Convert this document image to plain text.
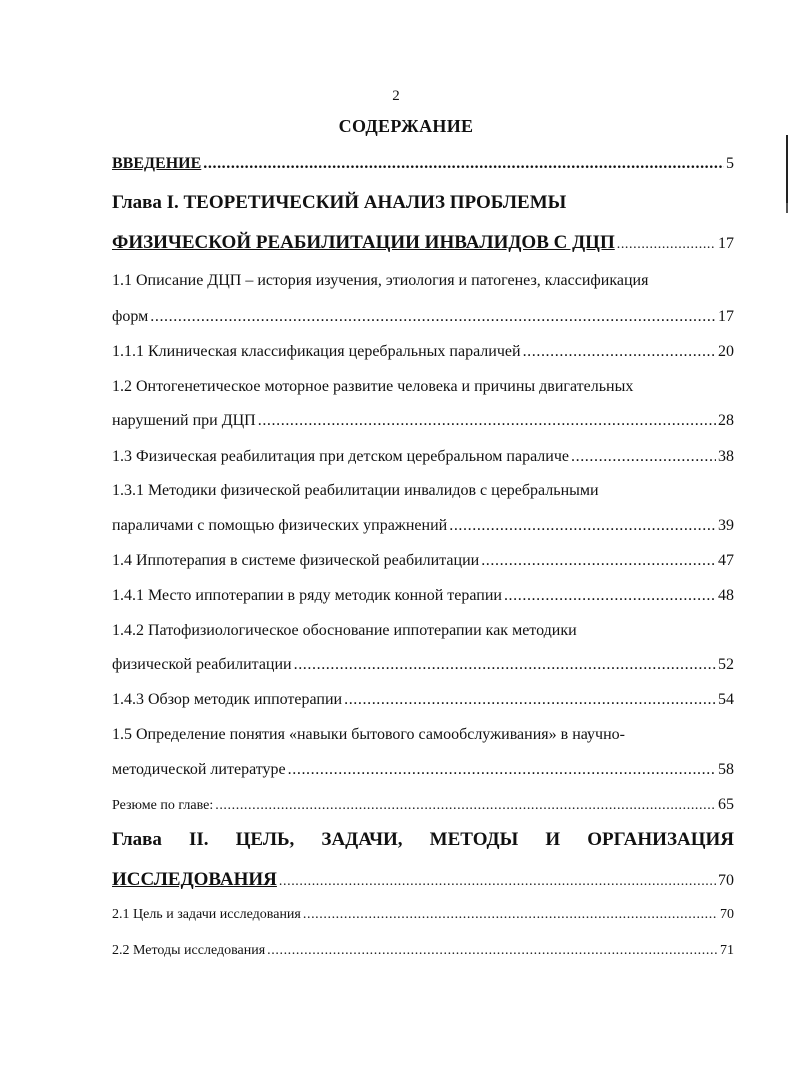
2
СОДЕРЖАНИЕ
ВВЕДЕНИЕ .....	5
Глава I. ТЕОРЕТИЧЕСКИЙ АНАЛИЗ ПРОБЛЕМЫ
ФИЗИЧЕСКОЙ РЕАБИЛИТАЦИИ ИНВАЛИДОВ С ДЦП .....	17
1.1 Описание ДЦП – история изучения, этиология и патогенез, классификация
форм .....	17
1.1.1 Клиническая классификация церебральных параличей .....	20
1.2 Онтогенетическое моторное развитие человека и причины двигательных
нарушений при ДЦП .....	28
1.3 Физическая реабилитация при детском церебральном параличе .....	38
1.3.1 Методики физической реабилитации инвалидов с церебральными
параличами с помощью физических упражнений .....	39
1.4 Иппотерапия в системе физической реабилитации .....	47
1.4.1 Место иппотерапии в ряду методик конной терапии .....	48
1.4.2 Патофизиологическое обоснование иппотерапии как методики
физической реабилитации .....	52
1.4.3 Обзор методик иппотерапии .....	54
1.5 Определение понятия «навыки бытового самообслуживания» в научно-
методической литературе .....	58
Резюме по главе: .....	65
Глава II. ЦЕЛЬ, ЗАДАЧИ, МЕТОДЫ И ОРГАНИЗАЦИЯ
ИССЛЕДОВАНИЯ .....	70
2.1 Цель и задачи исследования .....	70
2.2 Методы исследования .....	71
